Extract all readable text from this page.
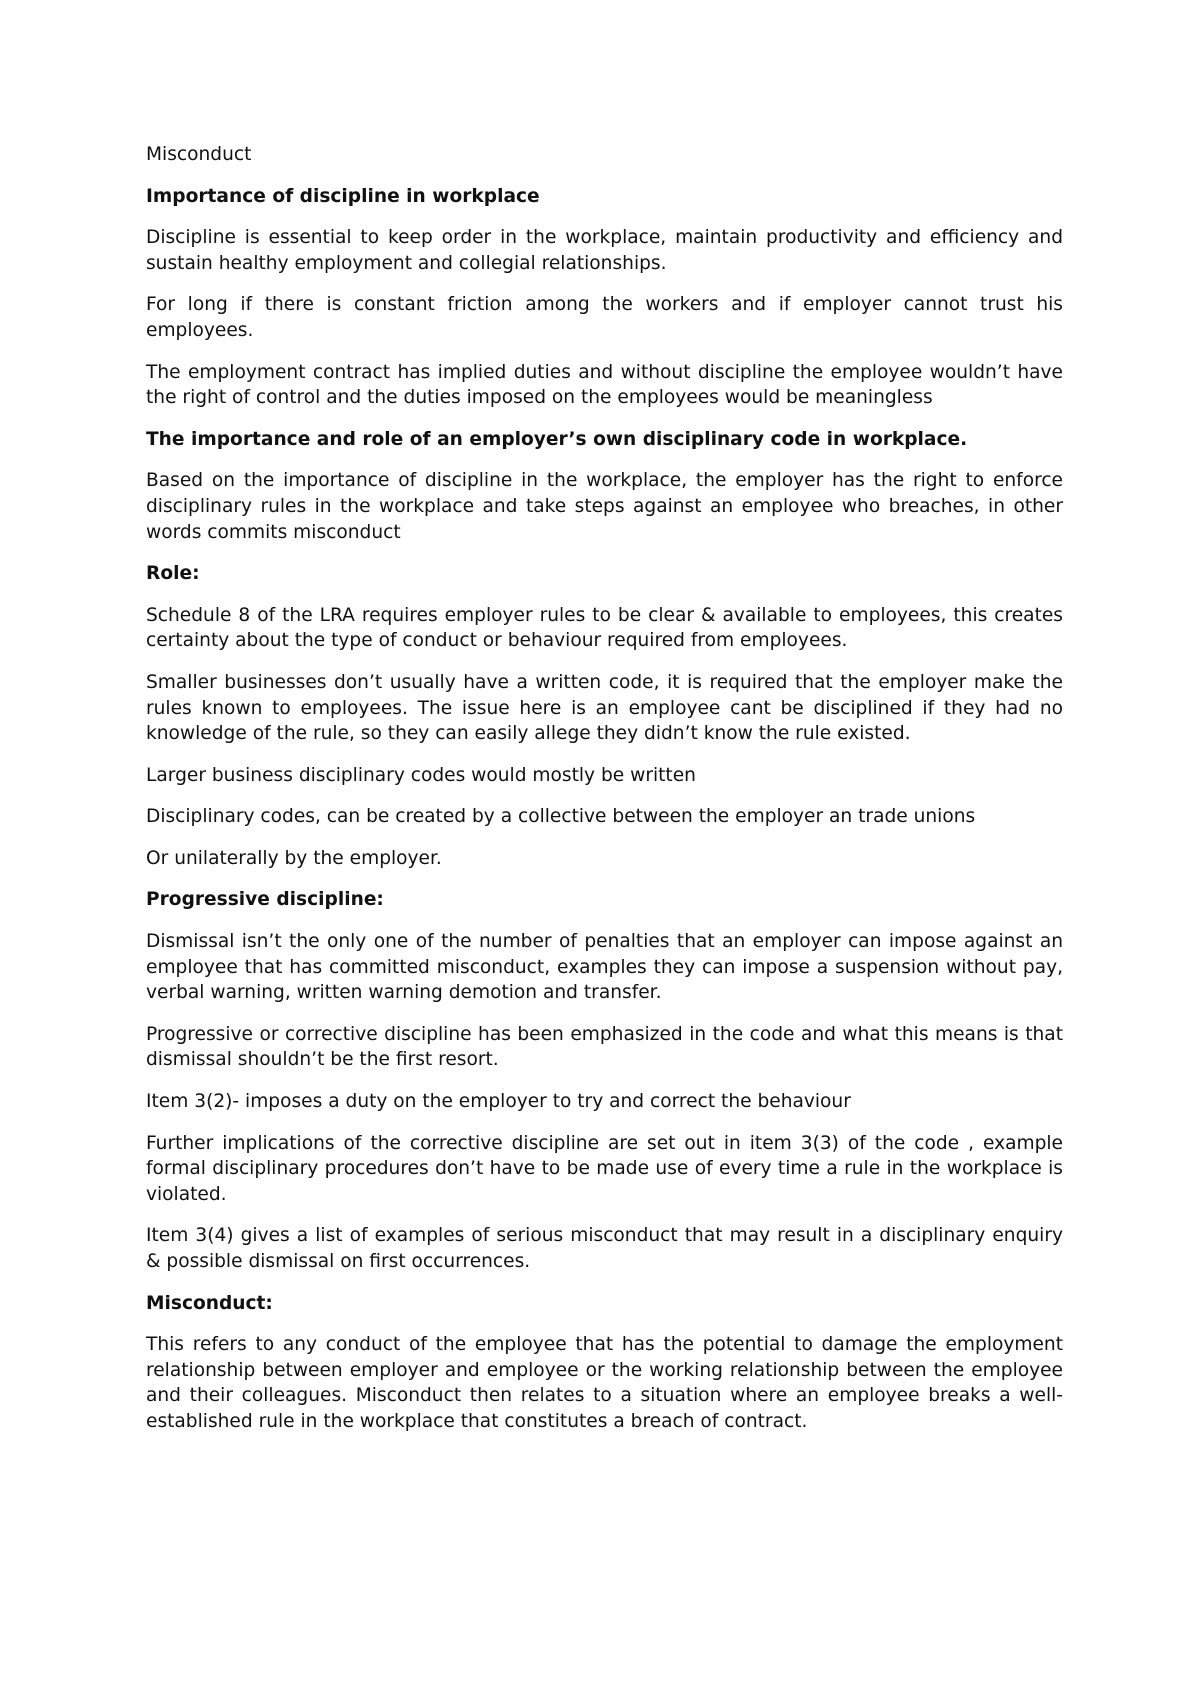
Misconduct
Importance of discipline in workplace
Discipline is essential to keep order in the workplace, maintain productivity and efficiency and sustain healthy employment and collegial relationships.
For long if there is constant friction among the workers and if employer cannot trust his employees.
The employment contract has implied duties and without discipline the employee wouldn’t have the right of control and the duties imposed on the employees would be meaningless
The importance and role of an employer’s own disciplinary code in workplace.
Based on the importance of discipline in the workplace, the employer has the right to enforce disciplinary rules in the workplace and take steps against an employee who breaches, in other words commits misconduct
Role:
Schedule 8 of the LRA requires employer rules to be clear & available to employees, this creates certainty about the type of conduct or behaviour required from employees.
Smaller businesses don’t usually have a written code, it is required that the employer make the rules known to employees. The issue here is an employee cant be disciplined if they had no knowledge of the rule, so they can easily allege they didn’t know the rule existed.
Larger business disciplinary codes would mostly be written
Disciplinary codes, can be created by a collective between the employer an trade unions
Or unilaterally by the employer.
Progressive discipline:
Dismissal isn’t the only one of the number of penalties that an employer can impose against an employee that has committed misconduct, examples they can impose a suspension without pay, verbal warning, written warning demotion and transfer.
Progressive or corrective discipline has been emphasized in the code and what this means is that dismissal shouldn’t be the first resort.
Item 3(2)- imposes a duty on the employer to try and correct the behaviour
Further implications of the corrective discipline are set out in item 3(3) of the code , example formal disciplinary procedures don’t have to be made use of every time a rule in the workplace is violated.
Item 3(4) gives a list of examples of serious misconduct that may result in a disciplinary enquiry & possible dismissal on first occurrences.
Misconduct:
This refers to any conduct of the employee that has the potential to damage the employment relationship between employer and employee or the working relationship between the employee and their colleagues. Misconduct then relates to a situation where an employee breaks a well-established rule in the workplace that constitutes a breach of contract.
